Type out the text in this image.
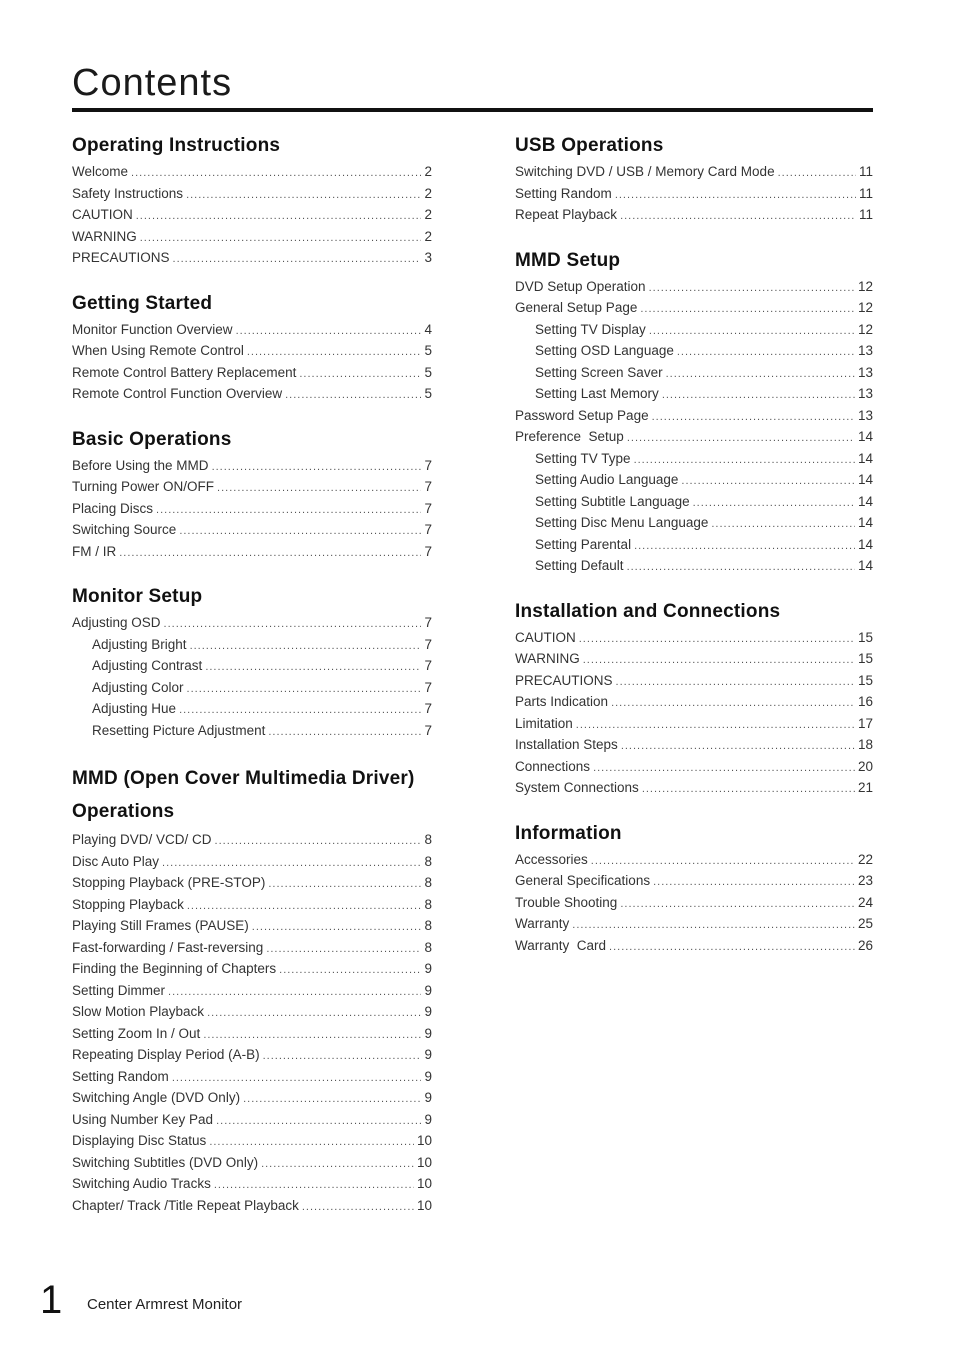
Contents
Operating Instructions
Welcome .....	2
Safety Instructions .....	2
CAUTION .....	2
WARNING .....	2
PRECAUTIONS .....	3
Getting Started
Monitor Function Overview .....	4
When Using Remote Control .....	5
Remote Control Battery Replacement .....	5
Remote Control Function Overview .....	5
Basic Operations
Before Using the MMD .....	7
Turning Power ON/OFF .....	7
Placing Discs .....	7
Switching Source .....	7
FM / IR .....	7
Monitor Setup
Adjusting OSD .....	7
Adjusting Bright .....	7
Adjusting Contrast .....	7
Adjusting Color .....	7
Adjusting Hue .....	7
Resetting Picture Adjustment .....	7
MMD (Open Cover Multimedia Driver) Operations
Playing DVD/ VCD/ CD .....	8
Disc Auto Play .....	8
Stopping Playback (PRE-STOP) .....	8
Stopping Playback .....	8
Playing Still Frames (PAUSE) .....	8
Fast-forwarding / Fast-reversing .....	8
Finding the Beginning of Chapters .....	9
Setting Dimmer .....	9
Slow Motion Playback .....	9
Setting Zoom In / Out .....	9
Repeating Display Period (A-B) .....	9
Setting Random .....	9
Switching Angle (DVD Only) .....	9
Using Number Key Pad .....	9
Displaying Disc Status .....	10
Switching Subtitles (DVD Only) .....	10
Switching Audio Tracks .....	10
Chapter/ Track /Title Repeat Playback .....	10
USB Operations
Switching DVD / USB / Memory Card Mode .....	11
Setting Random .....	11
Repeat Playback .....	11
MMD Setup
DVD Setup Operation .....	12
General Setup Page .....	12
Setting TV Display .....	12
Setting OSD Language .....	13
Setting Screen Saver .....	13
Setting Last Memory .....	13
Password Setup Page .....	13
Preference  Setup .....	14
Setting TV Type .....	14
Setting Audio Language .....	14
Setting Subtitle Language .....	14
Setting Disc Menu Language .....	14
Setting Parental .....	14
Setting Default .....	14
Installation and Connections
CAUTION .....	15
WARNING .....	15
PRECAUTIONS .....	15
Parts Indication .....	16
Limitation .....	17
Installation Steps .....	18
Connections .....	20
System Connections .....	21
Information
Accessories .....	22
General Specifications .....	23
Trouble Shooting .....	24
Warranty .....	25
Warranty  Card .....	26
1 Center Armrest Monitor
